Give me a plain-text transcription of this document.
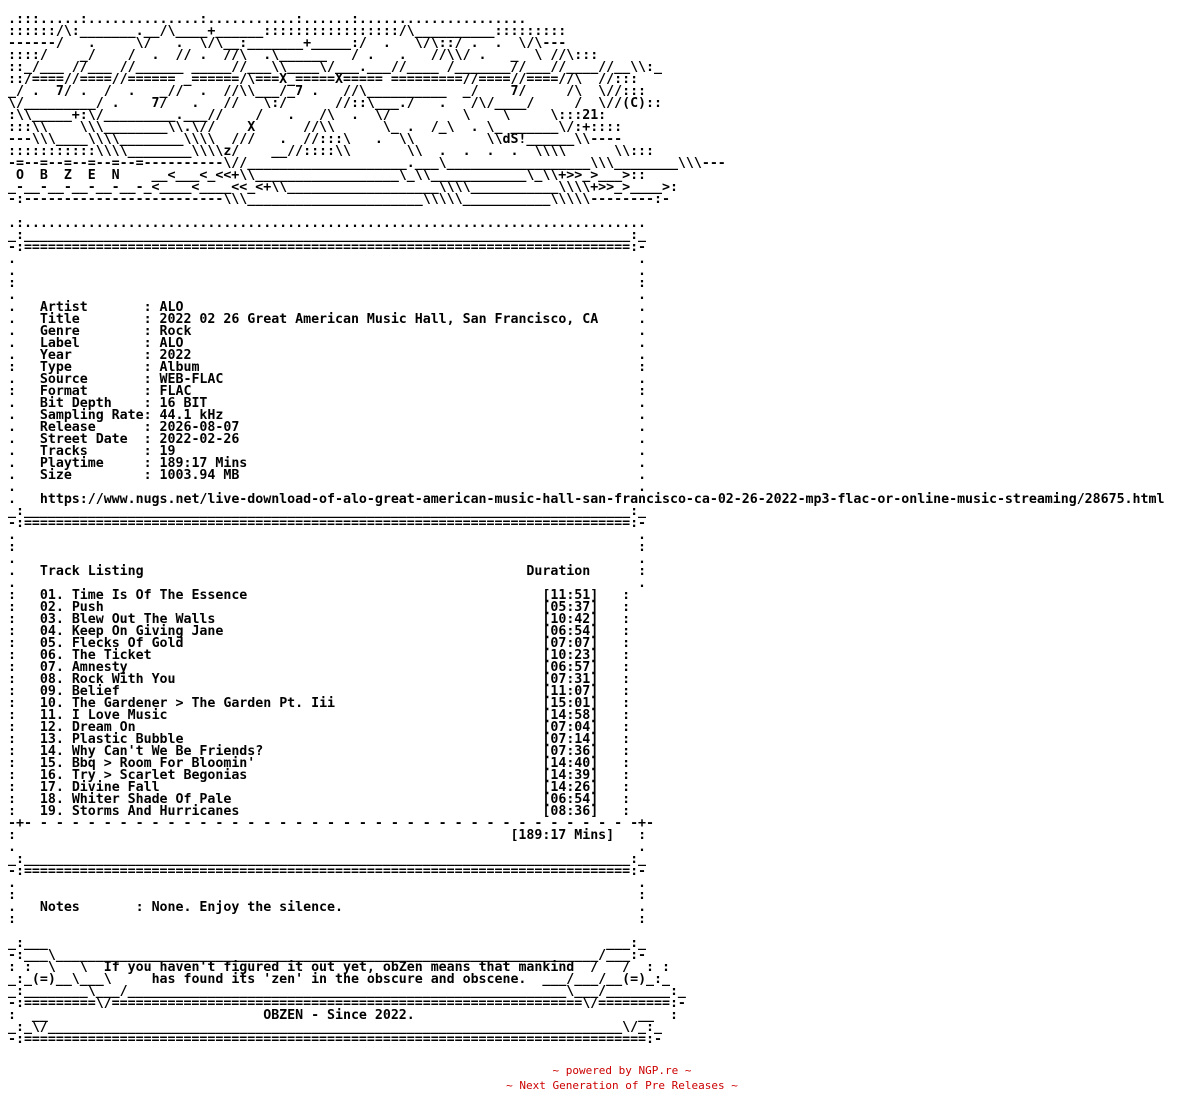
.:::.....:..............:...........:......:.....................
::::::/\:_______.__/\____+______:::::::::::::::::/\__________:::::::::
------/   .     \/   .  \/\__:_______+_____:/  .   \/\::/ .  .  \/\---
::::/    _/    /  .  // .  //\  .\______   / .   .   //\\/ .   _  \ //\:::
::_/___ //___ //______ _____//___\\____\/___.___//____ /_______//___//____//__\\:_
::/====//====//====== _======/\===X_=====X===== =========//====//====//\  //:::
_/ .  7/ .  /  .   _//  .  //\\___/_7 .   //\__________  _/    7/     /\  \//:::
\/_________/ .    7/   .   //   \:/      //::\___./   .   /\/____/     /  \//(C)::
:\\_____+:\/_________.___//    /   .   /\  .  \/         \    \     \:::21:
:::\\    \\\________\\.\//    X      //\\      \_ .  /_\  . \_ ______\/:+::::
---\\\____\\\\________\\\\  ///   .  //:::\   .  \\         \\dS!______\\----
:::::::::::\\\\________\\\\z/    __//::::\\       \\  .  .  .  .  \\\\      \\:::
-=--=--=--=--=--=----------\//____________________.___\__________________\\\________\\\---
O  B  Z  E  N    __<___<_<<+\\__________________\_\\____________\_\\+>>_>___>::
_-__-__-__-__-__-_<____<____<<_<+\\___________________\\\\___________\\\\+>>_>____>:
-:-------------------------\\\______________________\\\\\___________\\\\\--------:-

.:..............................................................................
_:____________________________________________________________________________:_
-:============================================================================:-
.                                                                              .
.                                                                              .
:                                                                              :
.                                                                              .
.   Artist       : ALO                                                         .
.   Title        : 2022 02 26 Great American Music Hall, San Francisco, CA     .
.   Genre        : Rock                                                        .
.   Label        : ALO                                                         .
.   Year         : 2022                                                        .
:   Type         : Album                                                       :
.   Source       : WEB-FLAC                                                    .
:   Format       : FLAC                                                        :
.   Bit Depth    : 16 BIT                                                      .
.   Sampling Rate: 44.1 kHz                                                    .
.   Release      : 2026-08-07                                                  .
.   Street Date  : 2022-02-26                                                  .
.   Tracks       : 19                                                          .
.   Playtime     : 189:17 Mins                                                 .
.   Size         : 1003.94 MB                                                  .
.                                                                              .
.   https://www.nugs.net/live-download-of-alo-great-american-music-hall-san-francisco-ca-02-26-2022-mp3-flac-or-online-music-streaming/28675.html
_:____________________________________________________________________________:_
-:============================================================================:-
.                                                                              .
:                                                                              :
.                                                                              .
.   Track Listing	Duration      :
.                                                                              .
:   01. Time Is Of The Essence	[11:51]   :
:   02. Push	[05:37]   :
:   03. Blew Out The Walls	[10:42]   :
:   04. Keep On Giving Jane	[06:54]   :
:   05. Flecks Of Gold	[07:07]   :
:   06. The Ticket	[10:23]   :
:   07. Amnesty	[06:57]   :
:   08. Rock With You	[07:31]   :
:   09. Belief	[11:07]   :
:   10. The Gardener > The Garden Pt. Iii	[15:01]   :
:   11. I Love Music	[14:58]   :
:   12. Dream On	[07:04]   :
:   13. Plastic Bubble	[07:14]   :
:   14. Why Can't We Be Friends?	[07:36]   :
:   15. Bbq > Room For Bloomin'	[14:40]   :
:   16. Try > Scarlet Begonias	[14:39]   :
:   17. Divine Fall	[14:26]   :
:   18. Whiter Shade Of Pale	[06:54]   :
:   19. Storms And Hurricanes	[08:36]   :
-+- - - - - - - - - - - - - - - - - - - - - - - - - - - - - - - - - - - - - - -+-
:                                                              [189:17 Mins]   :
.                                                                              .
_:____________________________________________________________________________:_
-:============================================================================:-
.                                                                              .
:                                                                              :
.   Notes       : None. Enjoy the silence.                                     .
:                                                                              :

_:___                                                                      ___:_
-:___\____________________________________________________________________/___:-
: :  \   \  If you haven't figured it out yet, obZen means that mankind  /   /  : :
_:_(=)__\___\     has found its 'zen' in the obscure and obscene.  ___/___/__(=)_:_
_:________\___/_______________________________________________________\___/________:_
-:=========\/===========================================================\/=========:-
:  __                           OBZEN - Since 2022.                            __  :
_:_\/________________________________________________________________________\/_:_
-:==============================================================================:-
~ powered by NGP.re ~
~ Next Generation of Pre Releases ~
